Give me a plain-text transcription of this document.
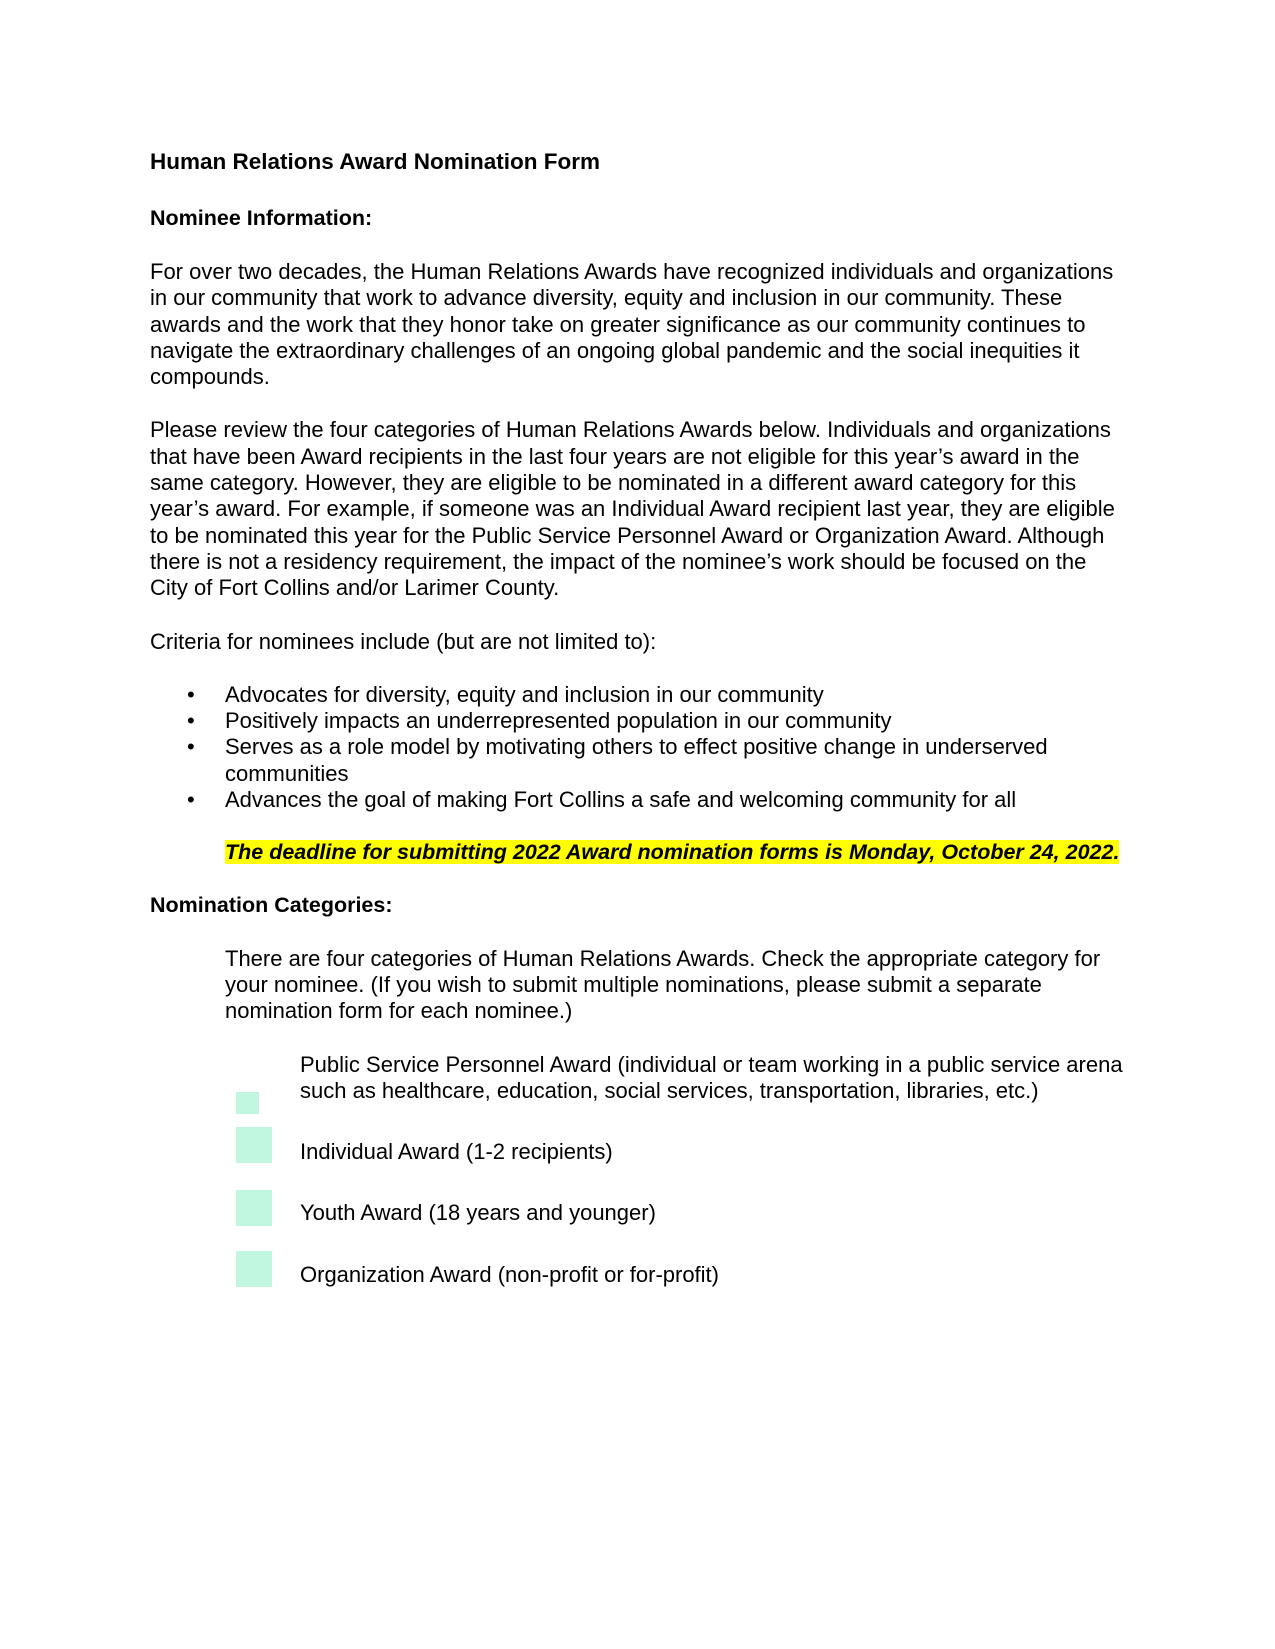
Human Relations Award Nomination Form
Nominee Information:

For over two decades, the Human Relations Awards have recognized individuals and organizations in our community that work to advance diversity, equity and inclusion in our community. These awards and the work that they honor take on greater significance as our community continues to navigate the extraordinary challenges of an ongoing global pandemic and the social inequities it compounds.

Please review the four categories of Human Relations Awards below. Individuals and organizations that have been Award recipients in the last four years are not eligible for this year’s award in the same category. However, they are eligible to be nominated in a different award category for this year’s award. For example, if someone was an Individual Award recipient last year, they are eligible to be nominated this year for the Public Service Personnel Award or Organization Award. Although there is not a residency requirement, the impact of the nominee’s work should be focused on the City of Fort Collins and/or Larimer County.

Criteria for nominees include (but are not limited to):

• Advocates for diversity, equity and inclusion in our community
• Positively impacts an underrepresented population in our community
• Serves as a role model by motivating others to effect positive change in underserved communities
• Advances the goal of making Fort Collins a safe and welcoming community for all
The deadline for submitting 2022 Award nomination forms is Monday, October 24, 2022.
Nomination Categories:

There are four categories of Human Relations Awards. Check the appropriate category for your nominee. (If you wish to submit multiple nominations, please submit a separate nomination form for each nominee.)

Public Service Personnel Award (individual or team working in a public service arena such as healthcare, education, social services, transportation, libraries, etc.)
Individual Award (1-2 recipients)
Youth Award (18 years and younger)
Organization Award (non-profit or for-profit)
